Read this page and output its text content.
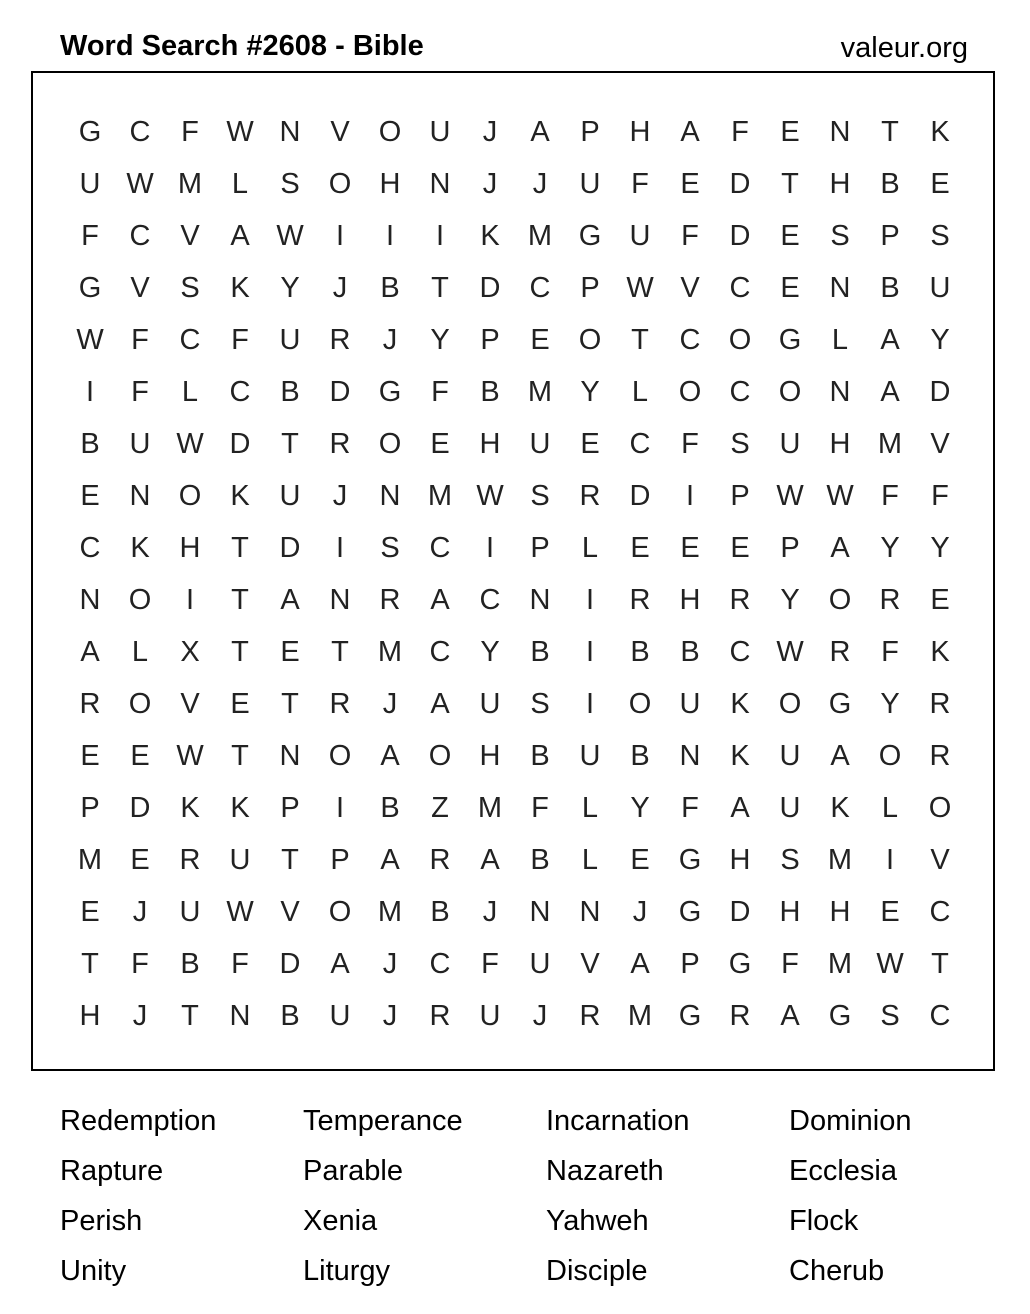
Word Search #2608 - Bible	valeur.org
G C	F W N	V	O U	J	A	P	H	A	F	E	N	T	K
U W M	L	S	O H	N	J	J	U	F	E	D	T	H	B	E
F	C	V	A W	I	I	I	K M G U	F	D	E	S	P	S
G	V	S	K	Y	J	B	T	D	C	P W V	C	E	N	B	U
W F	C	F	U	R	J	Y	P	E	O	T	C O G	L	A	Y
I	F	L	C	B	D G	F	B M Y	L	O C O N	A	D
B	U W D	T	R O	E	H	U	E	C	F	S	U	H M V
E	N O	K	U	J	N M W S	R	D	I	P W W F	F
C	K	H	T	D	I	S	C	I	P	L	E	E	E	P	A	Y	Y
N O	I	T	A	N	R	A	C	N	I	R	H	R	Y	O R	E
A	L	X	T	E	T	M C	Y	B	I	B	B	C W R	F	K
R O	V	E	T	R	J	A	U	S	I	O U	K	O G	Y	R
E	E W T	N O	A	O H	B	U	B	N	K	U	A	O R
P	D	K	K	P	I	B	Z	M	F	L	Y	F	A	U	K	L	O
M E	R	U	T	P	A	R	A	B	L	E	G H	S M	I	V
E	J	U W V	O M B	J	N	N	J	G D	H	H	E	C
T	F	B	F	D	A	J	C	F	U	V	A	P	G	F	M W T
H	J	T	N	B	U	J	R	U	J	R M G R	A	G	S	C
Redemption	Temperance	Incarnation	Dominion
Rapture	Parable	Nazareth	Ecclesia
Perish	Xenia	Yahweh	Flock
Unity	Liturgy	Disciple	Cherub
